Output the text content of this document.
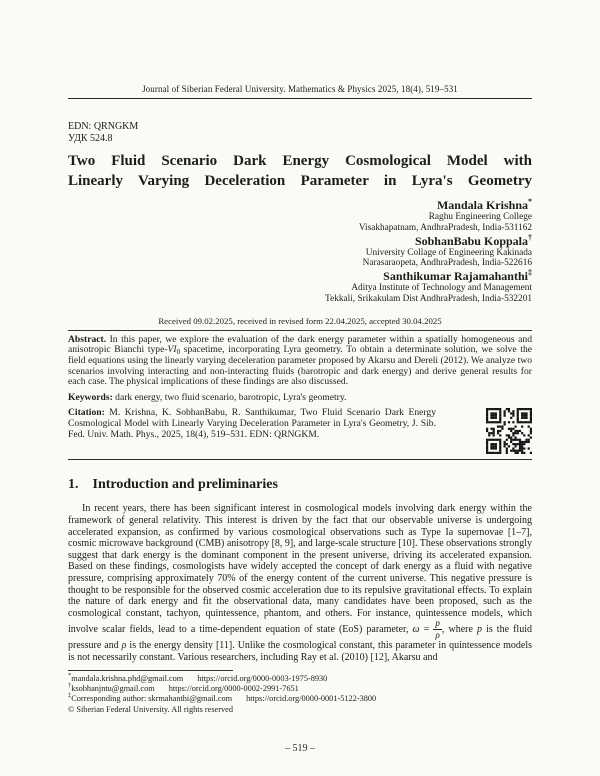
Journal of Siberian Federal University. Mathematics & Physics 2025, 18(4), 519–531
EDN: QRNGKM
УДК 524.8
Two Fluid Scenario Dark Energy Cosmological Model with
Linearly Varying Deceleration Parameter in Lyra's Geometry
Mandala Krishna*
Raghu Engineering College
Visakhapatnam, AndhraPradesh, India-531162
SobhanBabu Koppala†
University Collage of Engineering Kakinada
Narasaraopeta, AndhraPradesh, India-522616
Santhikumar Rajamahanthi‡
Aditya Institute of Technology and Management
Tekkali, Srikakulam Dist AndhraPradesh, India-532201
Received 09.02.2025, received in revised form 22.04.2025, accepted 30.04.2025
Abstract. In this paper, we explore the evaluation of the dark energy parameter within a spatially homogeneous and anisotropic Bianchi type-$VI_0$ spacetime, incorporating Lyra geometry. To obtain a determinate solution, we solve the field equations using the linearly varying deceleration parameter proposed by Akarsu and Dereli (2012). We analyze two scenarios involving interacting and non-interacting fluids (barotropic and dark energy) and derive general results for each case. The physical implications of these findings are also discussed.
Keywords: dark energy, two fluid scenario, barotropic, Lyra's geometry.
Citation: M. Krishna, K. SobhanBabu, R. Santhikumar, Two Fluid Scenario Dark Energy Cosmological Model with Linearly Varying Deceleration Parameter in Lyra's Geometry, J. Sib. Fed. Univ. Math. Phys., 2025, 18(4), 519–531. EDN: QRNGKM.
1. Introduction and preliminaries
In recent years, there has been significant interest in cosmological models involving dark energy within the framework of general relativity. This interest is driven by the fact that our observable universe is undergoing accelerated expansion, as confirmed by various cosmological observations such as Type Ia supernovae [1–7], cosmic microwave background (CMB) anisotropy [8, 9], and large-scale structure [10]. These observations strongly suggest that dark energy is the dominant component in the present universe, driving its accelerated expansion. Based on these findings, cosmologists have widely accepted the concept of dark energy as a fluid with negative pressure, comprising approximately 70% of the energy content of the current universe. This negative pressure is thought to be responsible for the observed cosmic acceleration due to its repulsive gravitational effects. To explain the nature of dark energy and fit the observational data, many candidates have been proposed, such as the cosmological constant, tachyon, quintessence, phantom, and others. For instance, quintessence models, which involve scalar fields, lead to a time-dependent equation of state (EoS) parameter, $\omega = \frac{p}{\rho}$ , where p is the fluid pressure and ρ is the energy density [11]. Unlike the cosmological constant, this parameter in quintessence models is not necessarily constant. Various researchers, including Ray et al. (2010) [12], Akarsu and
*mandala.krishna.phd@gmail.com https://orcid.org/0000-0003-1975-8930
†ksobhanjntu@gmail.com https://orcid.org/0000-0002-2991-7651
‡Corresponding author: skrmahanthi@gmail.com https://orcid.org/0000-0001-5122-3800
© Siberian Federal University. All rights reserved
– 519 –
